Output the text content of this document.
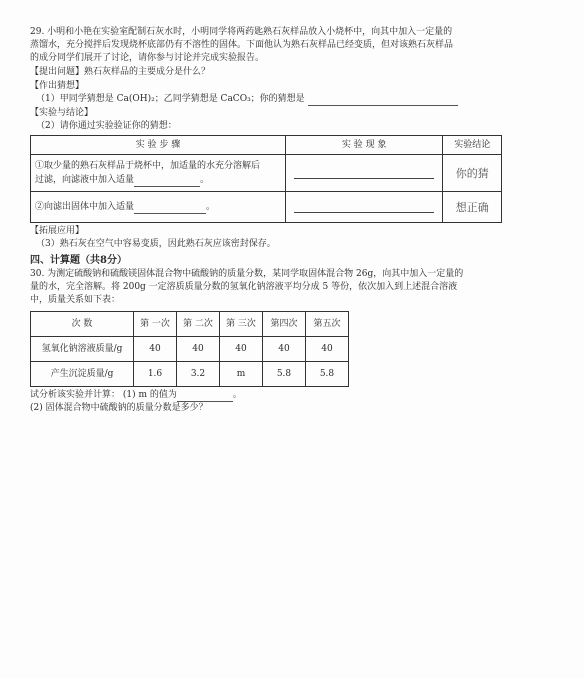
29. 小明和小艳在实验室配制石灰水时，小明同学将两药匙熟石灰样品放入小烧杯中，向其中加入一定量的

蒸馏水，充分搅拌后发现烧杯底部仍有不溶性的固体。下面他认为熟石灰样品已经变质，但对该熟石灰样品

的成分同学们展开了讨论，请你参与讨论并完成实验报告。

【提出问题】熟石灰样品的主要成分是什么？

【作出猜想】

（1）甲同学猜想是 Ca(OH)₂；乙同学猜想是 CaCO₃；你的猜想是

【实验与结论】

（2）请你通过实验验证你的猜想：

实 验 步 骤	实 验 现 象	实验结论
①取少量的熟石灰样品于烧杯中，加适量的水充分溶解后
过滤，向滤液中加入适量 。		你的猜
②向滤出固体中加入适量 。		想正确

【拓展应用】

（3）熟石灰在空气中容易变质，因此熟石灰应该密封保存。

四、计算题（共8分）

30. 为测定硫酸钠和硫酸镁固体混合物中硫酸钠的质量分数，某同学取固体混合物 26g，向其中加入一定量的

量的水，完全溶解。将 200g 一定溶质质量分数的氢氧化钠溶液平均分成 5 等份，依次加入到上述混合溶液

中，质量关系如下表：

次 数	第 一次	第 二次	第 三次	第四次	第五次
氢氧化钠溶液质量/g	40	40	40	40	40
产生沉淀质量/g	1.6	3.2	m	5.8	5.8

试分析该实验并计算： (1) m 的值为	。

(2) 固体混合物中硫酸钠的质量分数是多少？
